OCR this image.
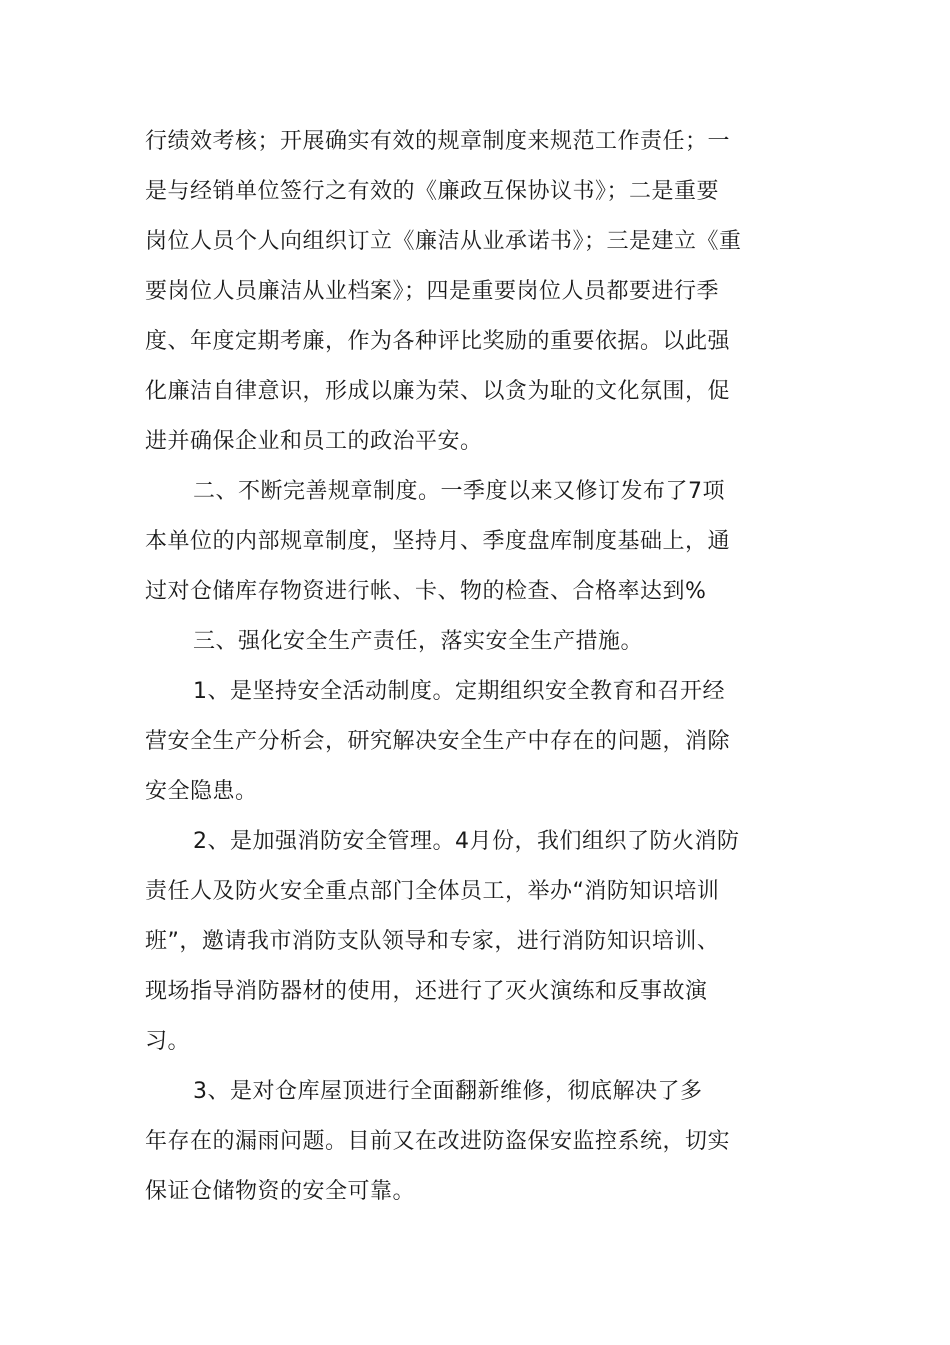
行绩效考核；开展确实有效的规章制度来规范工作责任；一
是与经销单位签行之有效的《廉政互保协议书》；二是重要
岗位人员个人向组织订立《廉洁从业承诺书》；三是建立《重
要岗位人员廉洁从业档案》；四是重要岗位人员都要进行季
度、年度定期考廉，作为各种评比奖励的重要依据。以此强
化廉洁自律意识，形成以廉为荣、以贪为耻的文化氛围，促
进并确保企业和员工的政治平安。
二、不断完善规章制度。一季度以来又修订发布了7项
本单位的内部规章制度，坚持月、季度盘库制度基础上，通
过对仓储库存物资进行帐、卡、物的检查、合格率达到%
三、强化安全生产责任，落实安全生产措施。
1、是坚持安全活动制度。定期组织安全教育和召开经
营安全生产分析会，研究解决安全生产中存在的问题，消除
安全隐患。
2、是加强消防安全管理。4月份，我们组织了防火消防
责任人及防火安全重点部门全体员工，举办“消防知识培训
班”，邀请我市消防支队领导和专家，进行消防知识培训、
现场指导消防器材的使用，还进行了灭火演练和反事故演
习。
3、是对仓库屋顶进行全面翻新维修，彻底解决了多
年存在的漏雨问题。目前又在改进防盗保安监控系统，切实
保证仓储物资的安全可靠。
